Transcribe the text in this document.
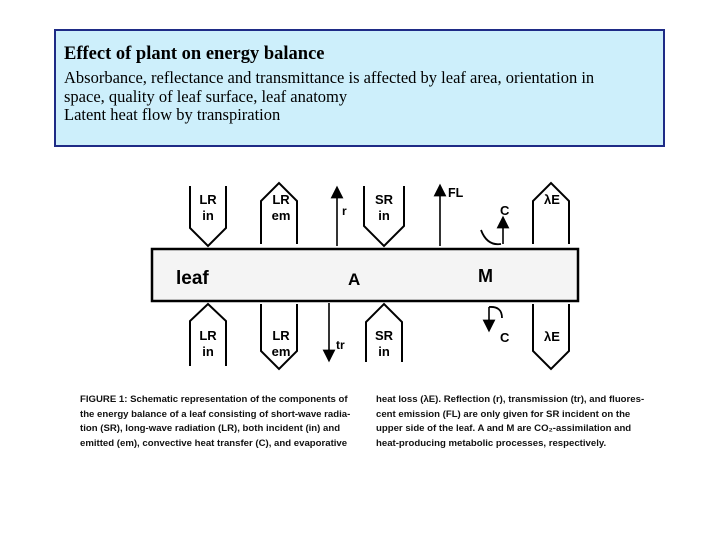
Effect of plant on energy balance
Absorbance, reflectance and transmittance is affected by leaf area, orientation in
space, quality of leaf surface, leaf anatomy
Latent heat flow by transpiration
leaf	A	M
LR
in
LR
em
SR
in
r
FL
C
λE
LR
in
LR
em
SR
in
tr	C	λE
FIGURE 1: Schematic representation of the components of
the energy balance of a leaf consisting of short-wave radia-
tion (SR), long-wave radiation (LR), both incident (in) and
emitted (em), convective heat transfer (C), and evaporative
heat loss (λE). Reflection (r), transmission (tr), and fluores-
cent emission (FL) are only given for SR incident on the
upper side of the leaf. A and M are CO₂-assimilation and
heat-producing metabolic processes, respectively.
